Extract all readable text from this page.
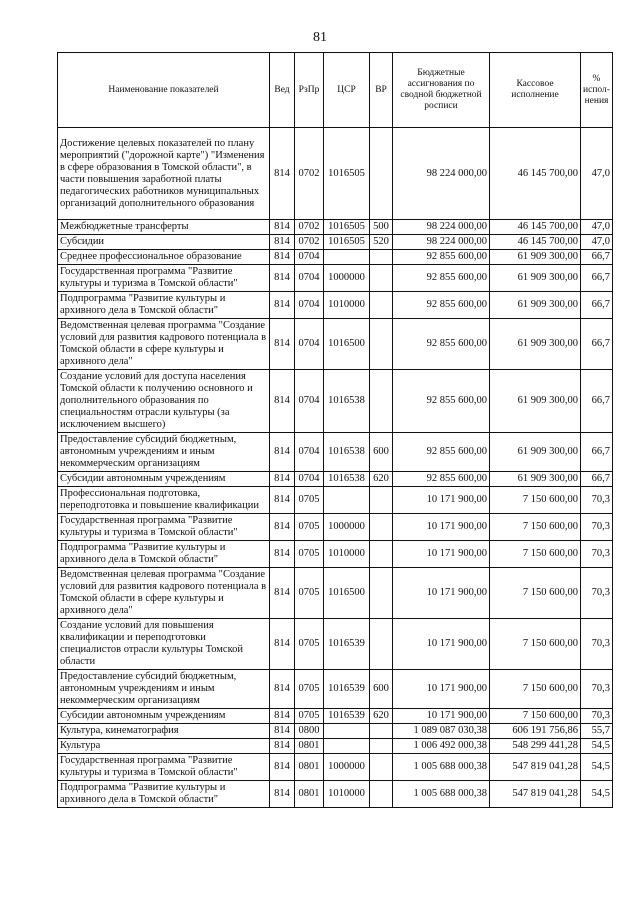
81
Наименование показателей	Вед	РзПр	ЦСР	ВР	Бюджетные ассигнования по сводной бюджетной росписи	Кассовое исполнение	% испол-нения
Достижение целевых показателей по плану мероприятий ("дорожной карте") "Изменения в сфере образования в Томской области", в части повышения заработной платы педагогических работников муниципальных организаций дополнительного образования	814	0702	1016505		98 224 000,00	46 145 700,00	47,0
Межбюджетные трансферты	814	0702	1016505	500	98 224 000,00	46 145 700,00	47,0
Субсидии	814	0702	1016505	520	98 224 000,00	46 145 700,00	47,0
Среднее профессиональное образование	814	0704			92 855 600,00	61 909 300,00	66,7
Государственная программа "Развитие культуры и туризма в Томской области"	814	0704	1000000		92 855 600,00	61 909 300,00	66,7
Подпрограмма "Развитие культуры и архивного дела в Томской области"	814	0704	1010000		92 855 600,00	61 909 300,00	66,7
Ведомственная целевая программа "Создание условий для развития кадрового потенциала в Томской области в сфере культуры и архивного дела"	814	0704	1016500		92 855 600,00	61 909 300,00	66,7
Создание условий для доступа населения Томской области к получению основного и дополнительного образования по специальностям отрасли культуры (за исключением высшего)	814	0704	1016538		92 855 600,00	61 909 300,00	66,7
Предоставление субсидий бюджетным, автономным учреждениям и иным некоммерческим организациям	814	0704	1016538	600	92 855 600,00	61 909 300,00	66,7
Субсидии автономным учреждениям	814	0704	1016538	620	92 855 600,00	61 909 300,00	66,7
Профессиональная подготовка, переподготовка и повышение квалификации	814	0705			10 171 900,00	7 150 600,00	70,3
Государственная программа "Развитие культуры и туризма в Томской области"	814	0705	1000000		10 171 900,00	7 150 600,00	70,3
Подпрограмма "Развитие культуры и архивного дела в Томской области"	814	0705	1010000		10 171 900,00	7 150 600,00	70,3
Ведомственная целевая программа "Создание условий для развития кадрового потенциала в Томской области в сфере культуры и архивного дела"	814	0705	1016500		10 171 900,00	7 150 600,00	70,3
Создание условий для повышения квалификации и переподготовки специалистов отрасли культуры Томской области	814	0705	1016539		10 171 900,00	7 150 600,00	70,3
Предоставление субсидий бюджетным, автономным учреждениям и иным некоммерческим организациям	814	0705	1016539	600	10 171 900,00	7 150 600,00	70,3
Субсидии автономным учреждениям	814	0705	1016539	620	10 171 900,00	7 150 600,00	70,3
Культура, кинематография	814	0800			1 089 087 030,38	606 191 756,86	55,7
Культура	814	0801			1 006 492 000,38	548 299 441,28	54,5
Государственная программа "Развитие культуры и туризма в Томской области"	814	0801	1000000		1 005 688 000,38	547 819 041,28	54,5
Подпрограмма "Развитие культуры и архивного дела в Томской области"	814	0801	1010000		1 005 688 000,38	547 819 041,28	54,5
